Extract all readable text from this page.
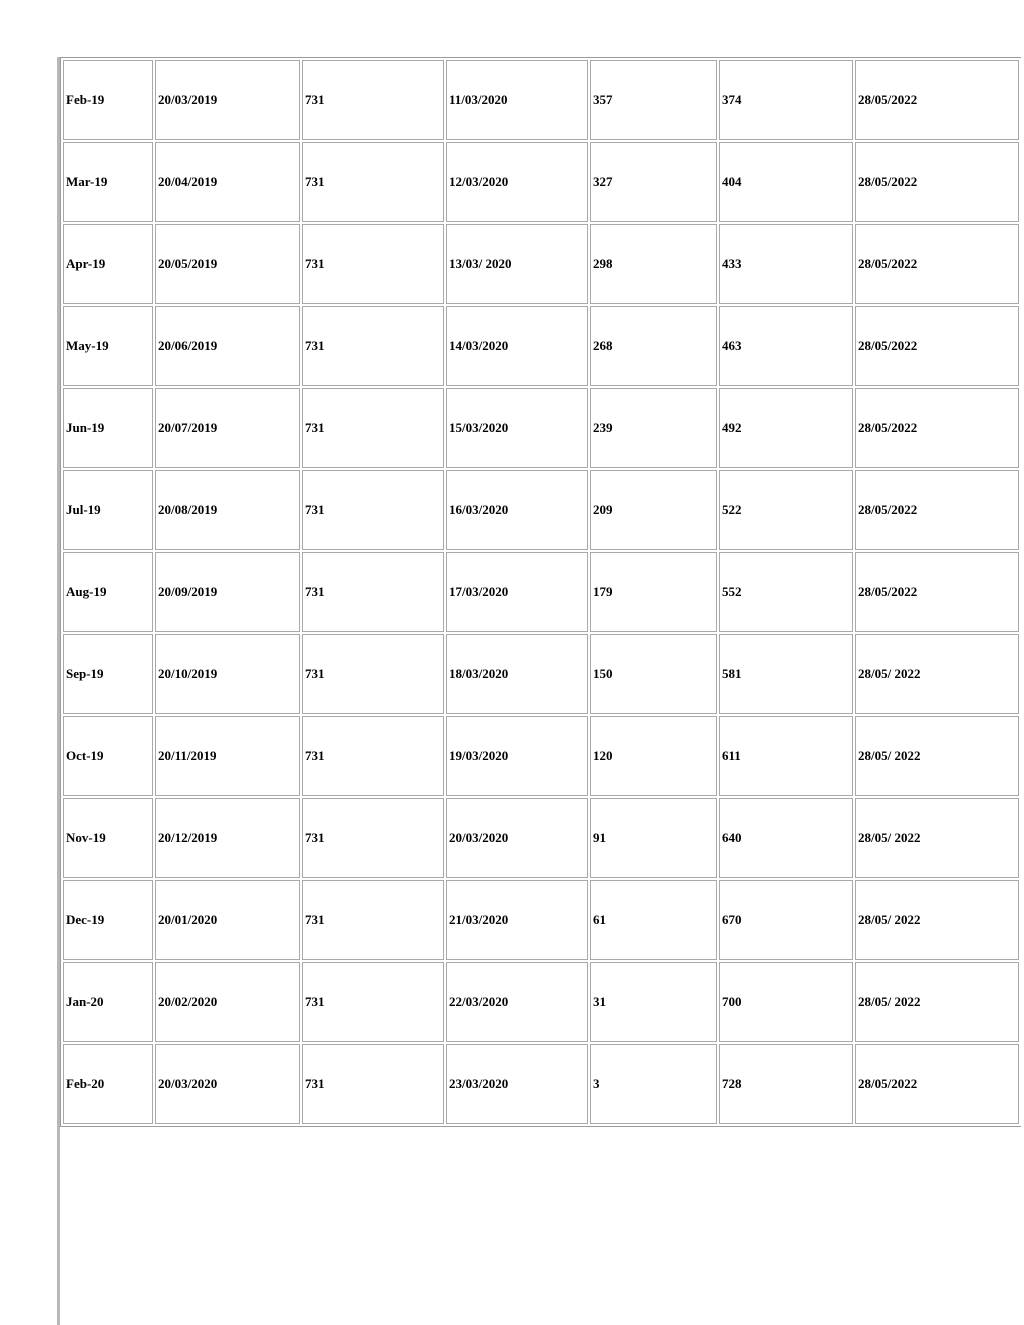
Feb-19	20/03/2019	731	11/03/2020	357	374	28/05/2022
Mar-19	20/04/2019	731	12/03/2020	327	404	28/05/2022
Apr-19	20/05/2019	731	13/03/ 2020	298	433	28/05/2022
May-19	20/06/2019	731	14/03/2020	268	463	28/05/2022
Jun-19	20/07/2019	731	15/03/2020	239	492	28/05/2022
Jul-19	20/08/2019	731	16/03/2020	209	522	28/05/2022
Aug-19	20/09/2019	731	17/03/2020	179	552	28/05/2022
Sep-19	20/10/2019	731	18/03/2020	150	581	28/05/ 2022
Oct-19	20/11/2019	731	19/03/2020	120	611	28/05/ 2022
Nov-19	20/12/2019	731	20/03/2020	91	640	28/05/ 2022
Dec-19	20/01/2020	731	21/03/2020	61	670	28/05/ 2022
Jan-20	20/02/2020	731	22/03/2020	31	700	28/05/ 2022
Feb-20	20/03/2020	731	23/03/2020	3	728	28/05/2022
